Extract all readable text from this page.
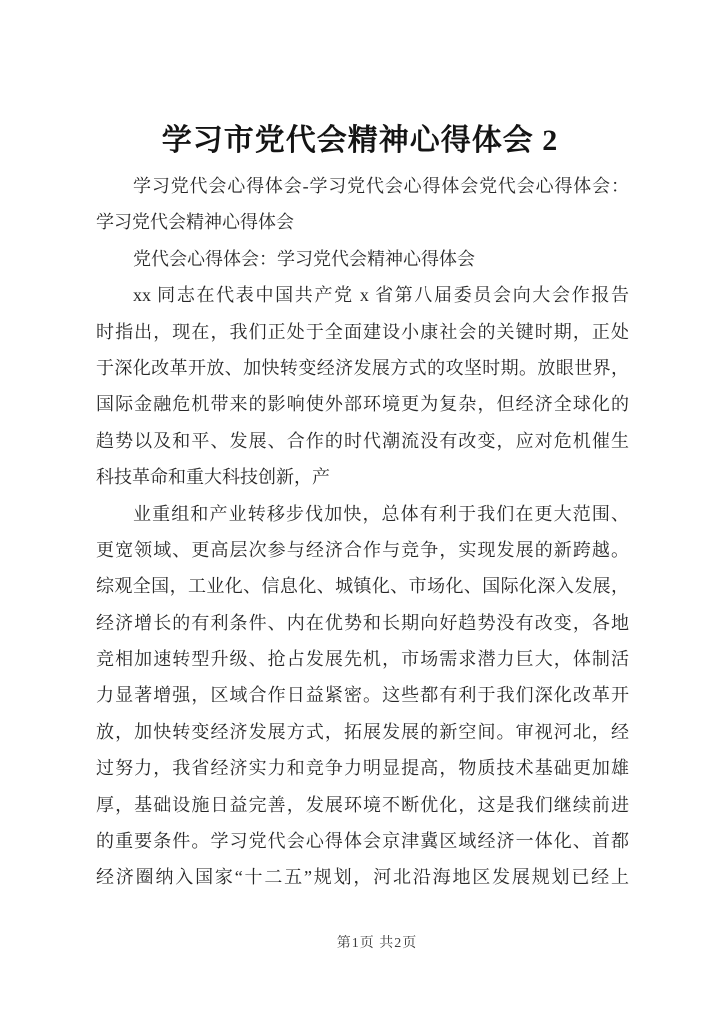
学习市党代会精神心得体会 2
学习党代会心得体会-学习党代会心得体会党代会心得体会：
学习党代会精神心得体会
党代会心得体会：学习党代会精神心得体会
xx 同志在代表中国共产党 x 省第八届委员会向大会作报告
时指出，现在，我们正处于全面建设小康社会的关键时期，正处
于深化改革开放、加快转变经济发展方式的攻坚时期。放眼世界，
国际金融危机带来的影响使外部环境更为复杂，但经济全球化的
趋势以及和平、发展、合作的时代潮流没有改变，应对危机催生
科技革命和重大科技创新，产
业重组和产业转移步伐加快，总体有利于我们在更大范围、
更宽领域、更高层次参与经济合作与竞争，实现发展的新跨越。
综观全国，工业化、信息化、城镇化、市场化、国际化深入发展，
经济增长的有利条件、内在优势和长期向好趋势没有改变，各地
竞相加速转型升级、抢占发展先机，市场需求潜力巨大，体制活
力显著增强，区域合作日益紧密。这些都有利于我们深化改革开
放，加快转变经济发展方式，拓展发展的新空间。审视河北，经
过努力，我省经济实力和竞争力明显提高，物质技术基础更加雄
厚，基础设施日益完善，发展环境不断优化，这是我们继续前进
的重要条件。学习党代会心得体会京津冀区域经济一体化、首都
经济圈纳入国家“十二五”规划，河北沿海地区发展规划已经上
第1页 共2页
